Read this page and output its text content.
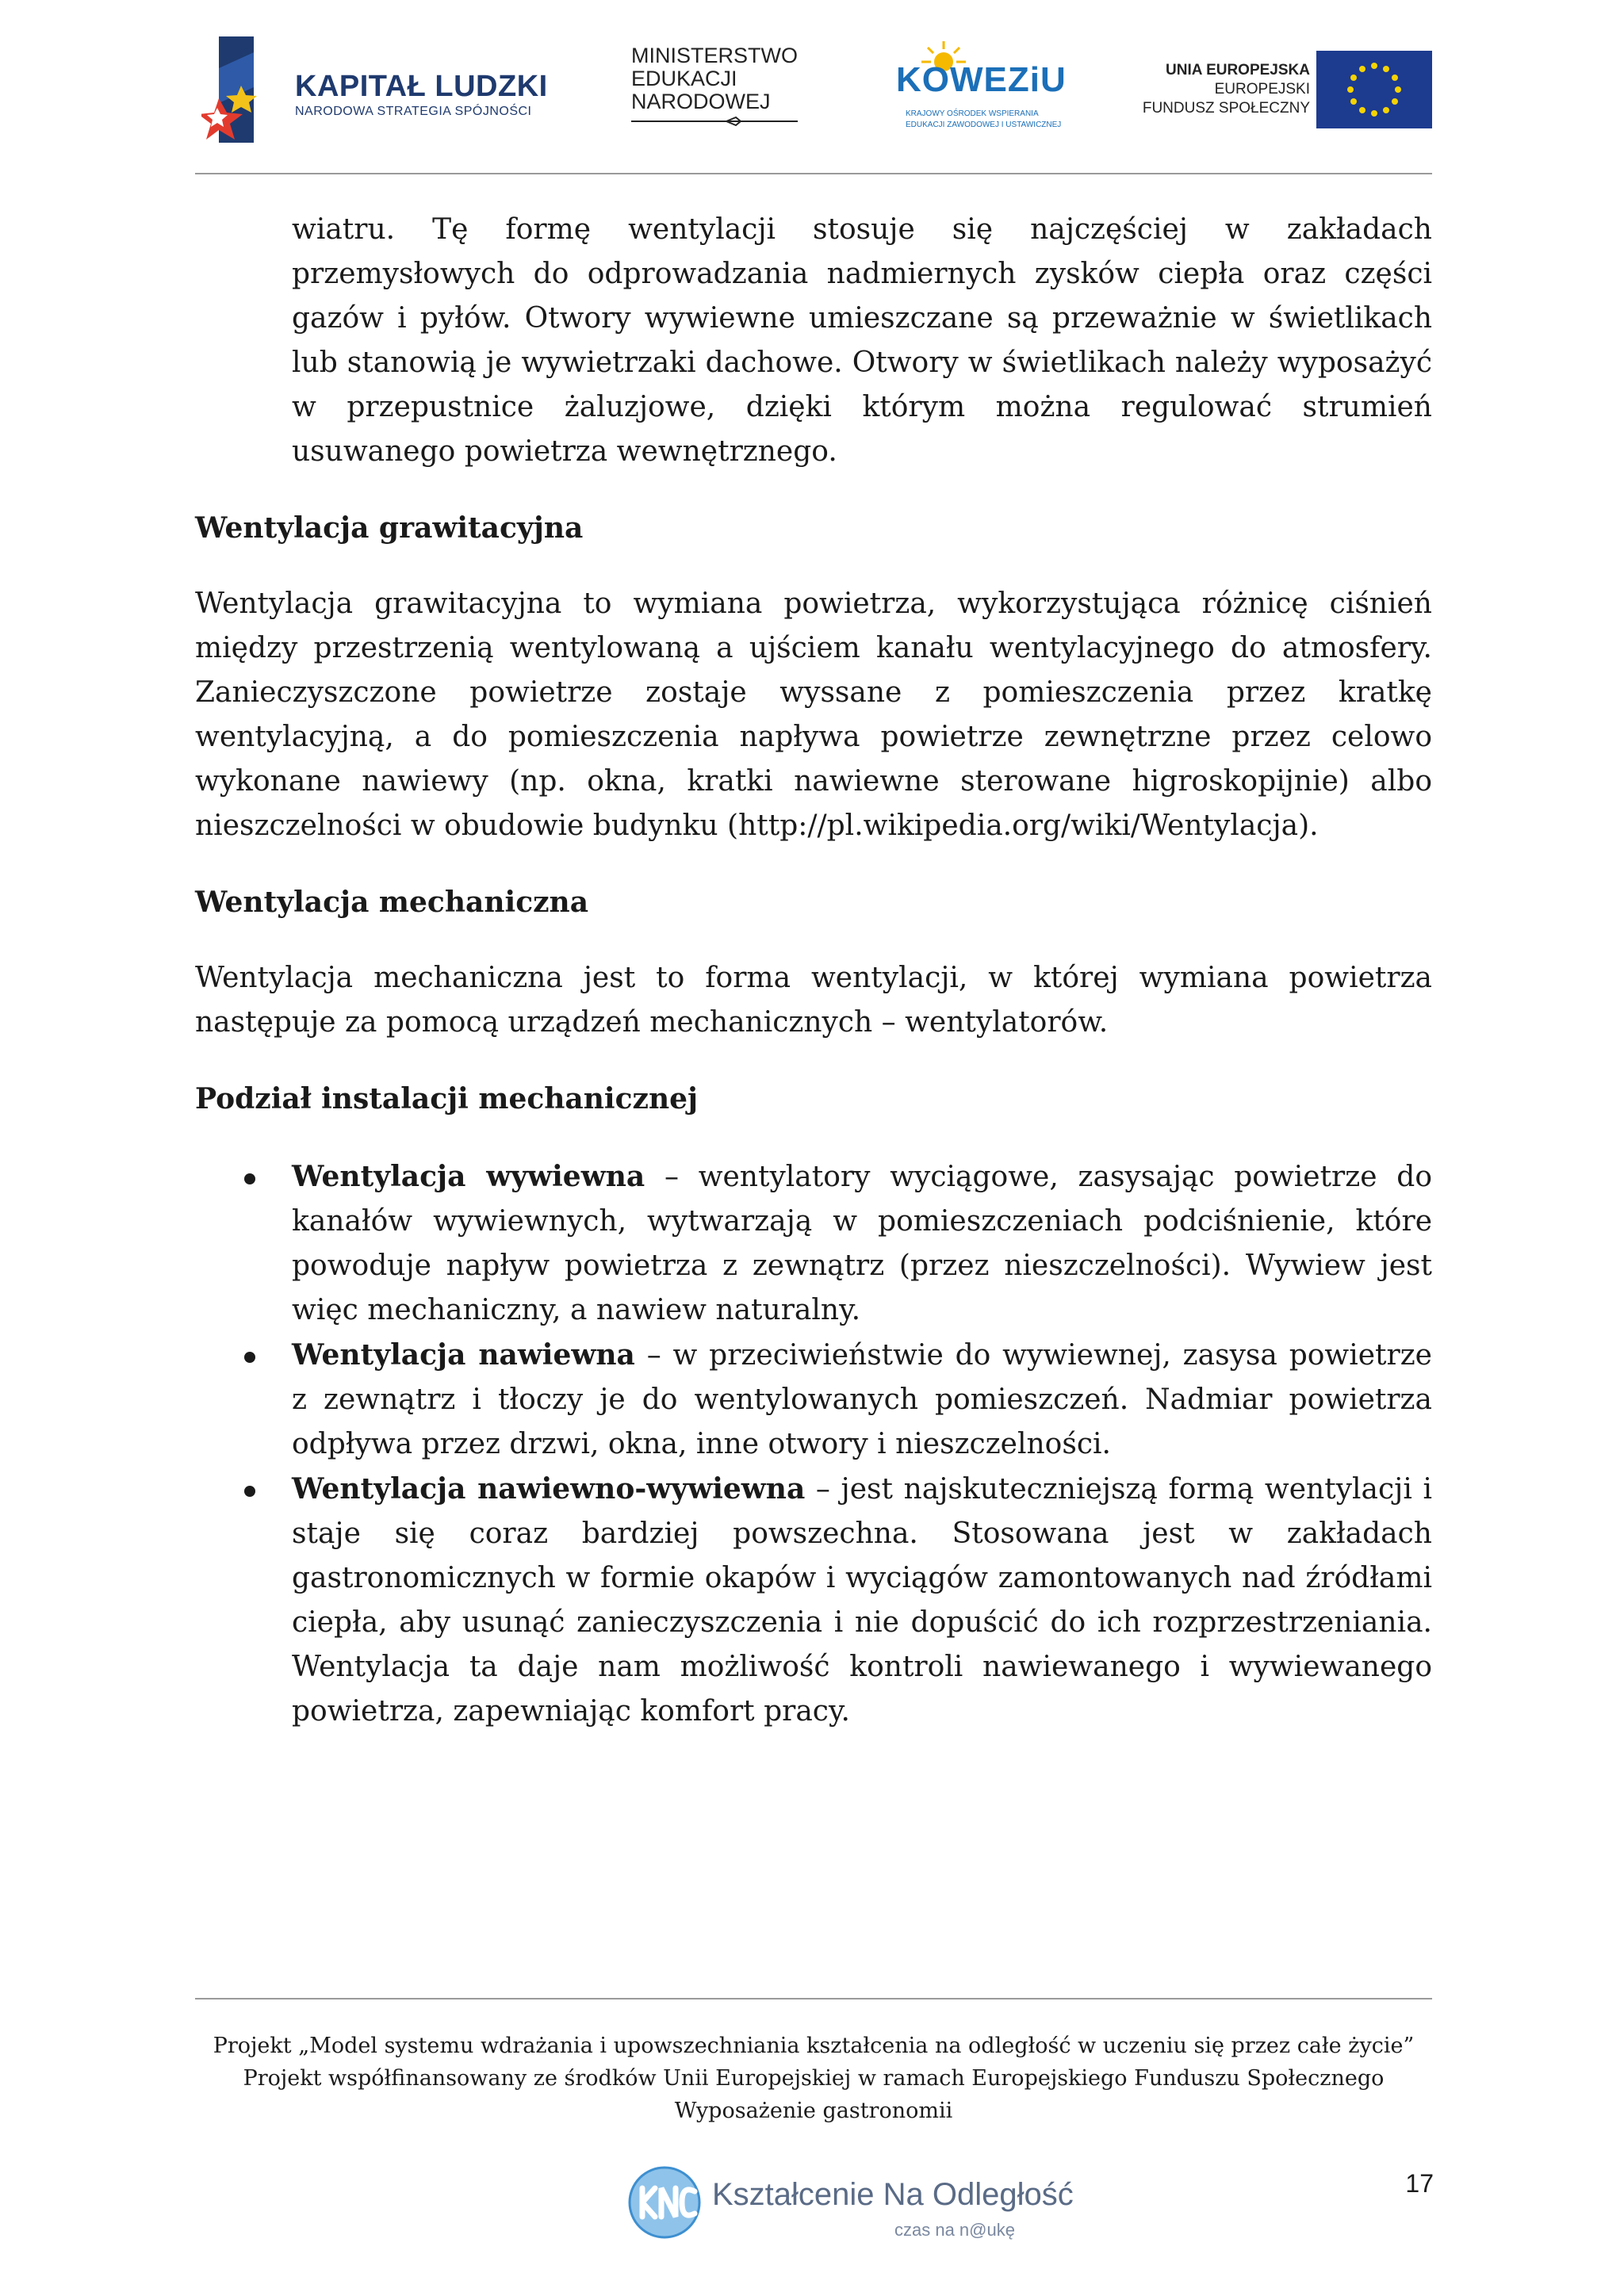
KAPITAŁ LUDZKI
NARODOWA STRATEGIA SPÓJNOŚCI
MINISTERSTWO
EDUKACJI
NARODOWEJ
KOWEZiU
KRAJOWY OŚRODEK WSPIERANIA
EDUKACJI ZAWODOWEJ I USTAWICZNEJ
UNIA EUROPEJSKA
EUROPEJSKI
FUNDUSZ SPOŁECZNY

wiatru. Tę formę wentylacji stosuje się najczęściej w zakładach przemysłowych do odprowadzania nadmiernych zysków ciepła oraz części gazów i pyłów. Otwory wywiewne umieszczane są przeważnie w świetlikach lub stanowią je wywietrzaki dachowe. Otwory w świetlikach należy wyposażyć w przepustnice żaluzjowe, dzięki którym można regulować strumień usuwanego powietrza wewnętrznego.

Wentylacja grawitacyjna

Wentylacja grawitacyjna to wymiana powietrza, wykorzystująca różnicę ciśnień między przestrzenią wentylowaną a ujściem kanału wentylacyjnego do atmosfery. Zanieczyszczone powietrze zostaje wyssane z pomieszczenia przez kratkę wentylacyjną, a do pomieszczenia napływa powietrze zewnętrzne przez celowo wykonane nawiewy (np. okna, kratki nawiewne sterowane higroskopijnie) albo nieszczelności w obudowie budynku (http://pl.wikipedia.org/wiki/Wentylacja).

Wentylacja mechaniczna

Wentylacja mechaniczna jest to forma wentylacji, w której wymiana powietrza następuje za pomocą urządzeń mechanicznych – wentylatorów.

Podział instalacji mechanicznej
Wentylacja wywiewna – wentylatory wyciągowe, zasysając powietrze do kanałów wywiewnych, wytwarzają w pomieszczeniach podciśnienie, które powoduje napływ powietrza z zewnątrz (przez nieszczelności). Wywiew jest więc mechaniczny, a nawiew naturalny.
Wentylacja nawiewna – w przeciwieństwie do wywiewnej, zasysa powietrze z zewnątrz i tłoczy je do wentylowanych pomieszczeń. Nadmiar powietrza odpływa przez drzwi, okna, inne otwory i nieszczelności.
Wentylacja nawiewno-wywiewna – jest najskuteczniejszą formą wentylacji i staje się coraz bardziej powszechna. Stosowana jest w zakładach gastronomicznych w formie okapów i wyciągów zamontowanych nad źródłami ciepła, aby usunąć zanieczyszczenia i nie dopuścić do ich rozprzestrzeniania. Wentylacja ta daje nam możliwość kontroli nawiewanego i wywiewanego powietrza, zapewniając komfort pracy.
Projekt „Model systemu wdrażania i upowszechniania kształcenia na odległość w uczeniu się przez całe życie”
Projekt współfinansowany ze środków Unii Europejskiej w ramach Europejskiego Funduszu Społecznego
Wyposażenie gastronomii
Kształcenie Na Odległość
czas na n@ukę
17
